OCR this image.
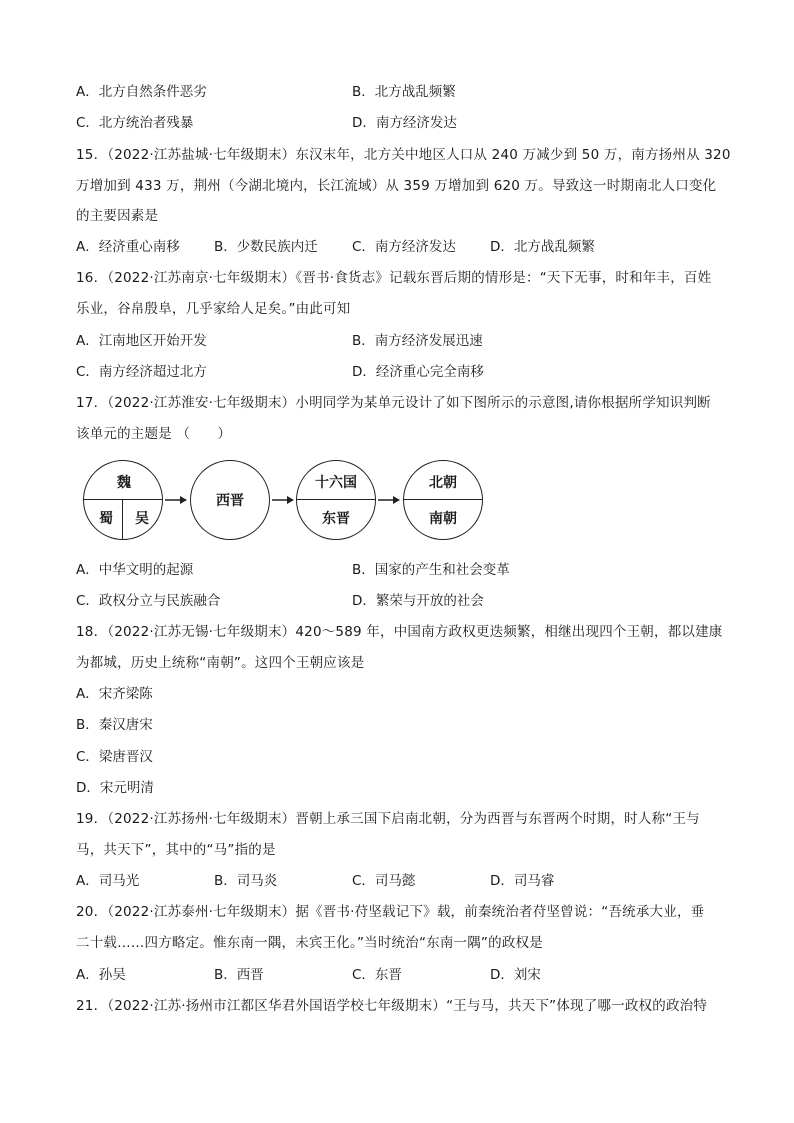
A．北方自然条件恶劣	B．北方战乱频繁
C．北方统治者残暴	D．南方经济发达
15．（2022·江苏盐城·七年级期末）东汉末年，北方关中地区人口从 240 万减少到 50 万，南方扬州从 320
万增加到 433 万，荆州（今湖北境内，长江流域）从 359 万增加到 620 万。导致这一时期南北人口变化
的主要因素是
A．经济重心南移	B．少数民族内迁	C．南方经济发达	D．北方战乱频繁
16．（2022·江苏南京·七年级期末）《晋书·食货志》记载东晋后期的情形是：“天下无事，时和年丰，百姓
乐业，谷帛殷阜，几乎家给人足矣。”由此可知
A．江南地区开始开发	B．南方经济发展迅速
C．南方经济超过北方	D．经济重心完全南移
17．（2022·江苏淮安·七年级期末）小明同学为某单元设计了如下图所示的示意图,请你根据所学知识判断
该单元的主题是 （　　）
魏
蜀 吴
西晋
十六国
东晋
北朝
南朝
A．中华文明的起源	B．国家的产生和社会变革
C．政权分立与民族融合	D．繁荣与开放的社会
18．（2022·江苏无锡·七年级期末）420～589 年，中国南方政权更迭频繁，相继出现四个王朝，都以建康
为都城，历史上统称“南朝”。这四个王朝应该是
A．宋齐梁陈
B．秦汉唐宋
C．梁唐晋汉
D．宋元明清
19．（2022·江苏扬州·七年级期末）晋朝上承三国下启南北朝，分为西晋与东晋两个时期，时人称“王与
马，共天下”，其中的“马”指的是
A．司马光	B．司马炎	C．司马懿	D．司马睿
20．（2022·江苏泰州·七年级期末）据《晋书·苻坚载记下》载，前秦统治者苻坚曾说：“吾统承大业，垂
二十载……四方略定。惟东南一隅，未宾王化。”当时统治“东南一隅”的政权是
A．孙吴	B．西晋	C．东晋	D．刘宋
21．（2022·江苏·扬州市江都区华君外国语学校七年级期末）“王与马，共天下”体现了哪一政权的政治特
